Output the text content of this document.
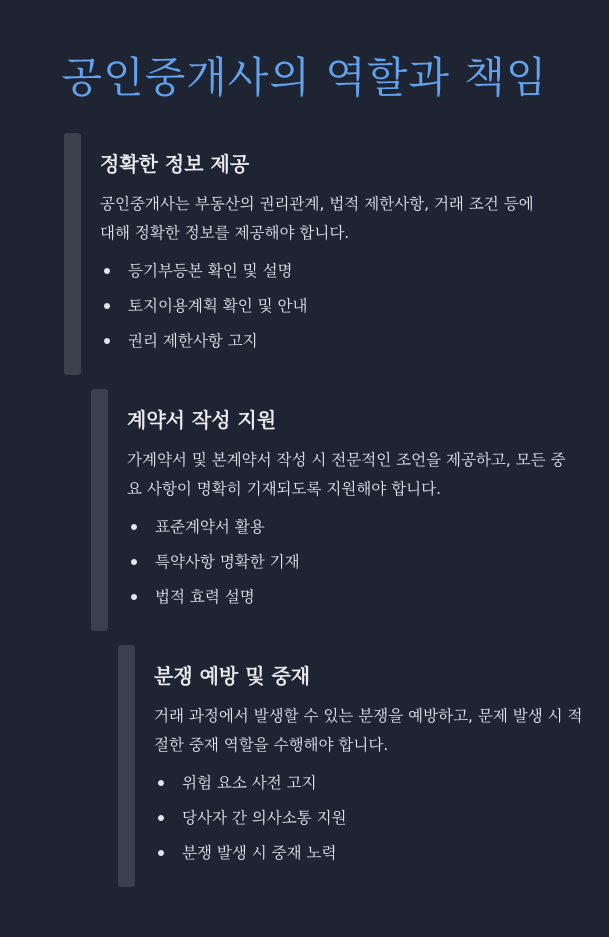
공인중개사의 역할과 책임
정확한 정보 제공

공인중개사는 부동산의 권리관계, 법적 제한사항, 거래 조건 등에 대해 정확한 정보를 제공해야 합니다.

등기부등본 확인 및 설명
토지이용계획 확인 및 안내
권리 제한사항 고지
계약서 작성 지원

가계약서 및 본계약서 작성 시 전문적인 조언을 제공하고, 모든 중요 사항이 명확히 기재되도록 지원해야 합니다.

표준계약서 활용
특약사항 명확한 기재
법적 효력 설명
분쟁 예방 및 중재

거래 과정에서 발생할 수 있는 분쟁을 예방하고, 문제 발생 시 적절한 중재 역할을 수행해야 합니다.

위험 요소 사전 고지
당사자 간 의사소통 지원
분쟁 발생 시 중재 노력
